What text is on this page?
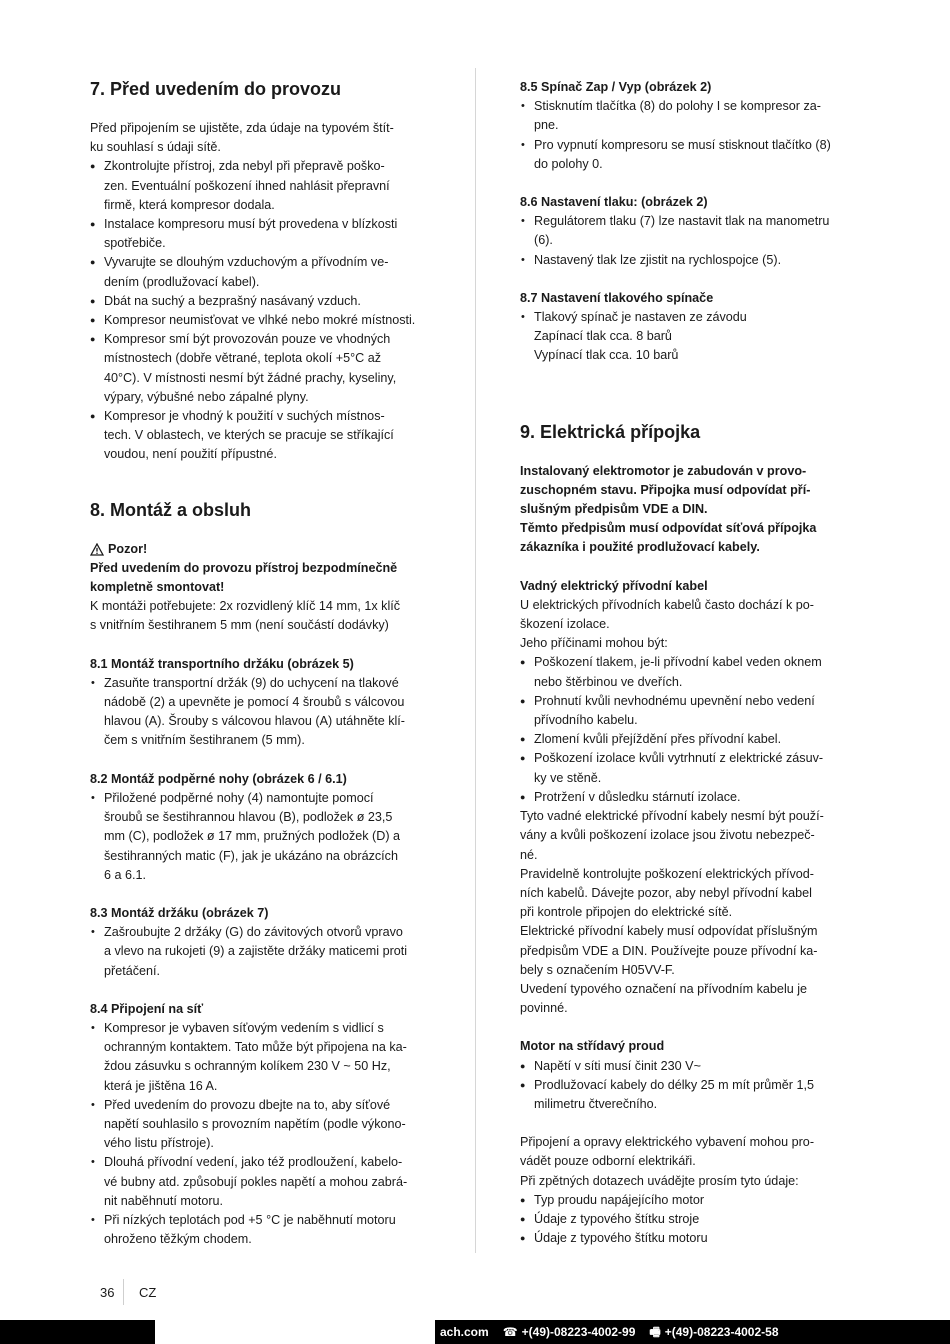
7. Před uvedením do provozu

Před připojením se ujistěte, zda údaje na typovém štít-
ku souhlasí s údaji sítě.

● Zkontrolujte přístroj, zda nebyl při přepravě poško-
zen. Eventuální poškození ihned nahlásit přepravní
firmě, která kompresor dodala.
● Instalace kompresoru musí být provedena v blízkosti
spotřebiče.
● Vyvarujte se dlouhým vzduchovým a přívodním ve-
dením (prodlužovací kabel).
● Dbát na suchý a bezprašný nasávaný vzduch.
● Kompresor neumisťovat ve vlhké nebo mokré místnosti.
● Kompresor smí být provozován pouze ve vhodných
místnostech (dobře větrané, teplota okolí +5°C až
40°C). V místnosti nesmí být žádné prachy, kyseliny,
výpary, výbušné nebo zápalné plyny.
● Kompresor je vhodný k použití v suchých místnos-
tech. V oblastech, ve kterých se pracuje se stříkající
voudou, není použití přípustné.
8. Montáž a obsluh
Pozor!

Před uvedením do provozu přístroj bezpodmínečně
kompletně smontovat!

K montáži potřebujete: 2x rozvidlený klíč 14 mm, 1x klíč
s vnitřním šestihranem 5 mm (není součástí dodávky)

8.1 Montáž transportního držáku (obrázek 5)
• Zasuňte transportní držák (9) do uchycení na tlakové
nádobě (2) a upevněte je pomocí 4 šroubů s válcovou
hlavou (A). Šrouby s válcovou hlavou (A) utáhněte klí-
čem s vnitřním šestihranem (5 mm).
8.2 Montáž podpěrné nohy (obrázek 6 / 6.1)
• Přiložené podpěrné nohy (4) namontujte pomocí
šroubů se šestihrannou hlavou (B), podložek ø 23,5
mm (C), podložek ø 17 mm, pružných podložek (D) a
šestihranných matic (F), jak je ukázáno na obrázcích
6 a 6.1.
8.3 Montáž držáku (obrázek 7)
• Zašroubujte 2 držáky (G) do závitových otvorů vpravo
a vlevo na rukojeti (9) a zajistěte držáky maticemi proti
přetáčení.
8.4 Připojení na síť
• Kompresor je vybaven síťovým vedením s vidlicí s
ochranným kontaktem. Tato může být připojena na ka-
ždou zásuvku s ochranným kolíkem 230 V ~ 50 Hz,
která je jištěna 16 A.
• Před uvedením do provozu dbejte na to, aby síťové
napětí souhlasilo s provozním napětím (podle výkono-
vého listu přístroje).
• Dlouhá přívodní vedení, jako též prodloužení, kabelo-
vé bubny atd. způsobují pokles napětí a mohou zabrá-
nit naběhnutí motoru.
• Při nízkých teplotách pod +5 °C je naběhnutí motoru
ohroženo těžkým chodem.
8.5 Spínač Zap / Vyp (obrázek 2)
• Stisknutím tlačítka (8) do polohy I se kompresor za-
pne.
• Pro vypnutí kompresoru se musí stisknout tlačítko (8)
do polohy 0.
8.6 Nastavení tlaku: (obrázek 2)
• Regulátorem tlaku (7) lze nastavit tlak na manometru
(6).
• Nastavený tlak lze zjistit na rychlospojce (5).
8.7 Nastavení tlakového spínače
• Tlakový spínač je nastaven ze závodu
Zapínací tlak cca. 8 barů
Vypínací tlak cca. 10 barů
9. Elektrická přípojka

Instalovaný elektromotor je zabudován v provo-
zuschopném stavu. Připojka musí odpovídat pří-
slušným předpisům VDE a DIN.
Těmto předpisům musí odpovídat síťová přípojka
zákazníka i použité prodlužovací kabely.

Vadný elektrický přívodní kabel

U elektrických přívodních kabelů často dochází k po-
škození izolace.
Jeho příčinami mohou být:

● Poškození tlakem, je-li přívodní kabel veden oknem
nebo štěrbinou ve dveřích.
● Prohnutí kvůli nevhodnému upevnění nebo vedení
přívodního kabelu.
● Zlomení kvůli přejíždění přes přívodní kabel.
● Poškození izolace kvůli vytrhnutí z elektrické zásuv-
ky ve stěně.
● Protržení v důsledku stárnutí izolace.

Tyto vadné elektrické přívodní kabely nesmí být použí-
vány a kvůli poškození izolace jsou životu nebezpeč-
né.
Pravidelně kontrolujte poškození elektrických přívod-
ních kabelů. Dávejte pozor, aby nebyl přívodní kabel
při kontrole připojen do elektrické sítě.
Elektrické přívodní kabely musí odpovídat příslušným
předpisům VDE a DIN. Používejte pouze přívodní ka-
bely s označením H05VV-F.
Uvedení typového označení na přívodním kabelu je
povinné.

Motor na střídavý proud
● Napětí v síti musí činit 230 V~
● Prodlužovací kabely do délky 25 m mít průměr 1,5
milimetru čtverečního.

Připojení a opravy elektrického vybavení mohou pro-
vádět pouze odborní elektrikáři.
Při zpětných dotazech uvádějte prosím tyto údaje:

● Typ proudu napájejícího motor
● Údaje z typového štítku stroje
● Údaje z typového štítku motoru
36 CZ
ach.com ☎ +(49)-08223-4002-99 🖷 +(49)-08223-4002-58
